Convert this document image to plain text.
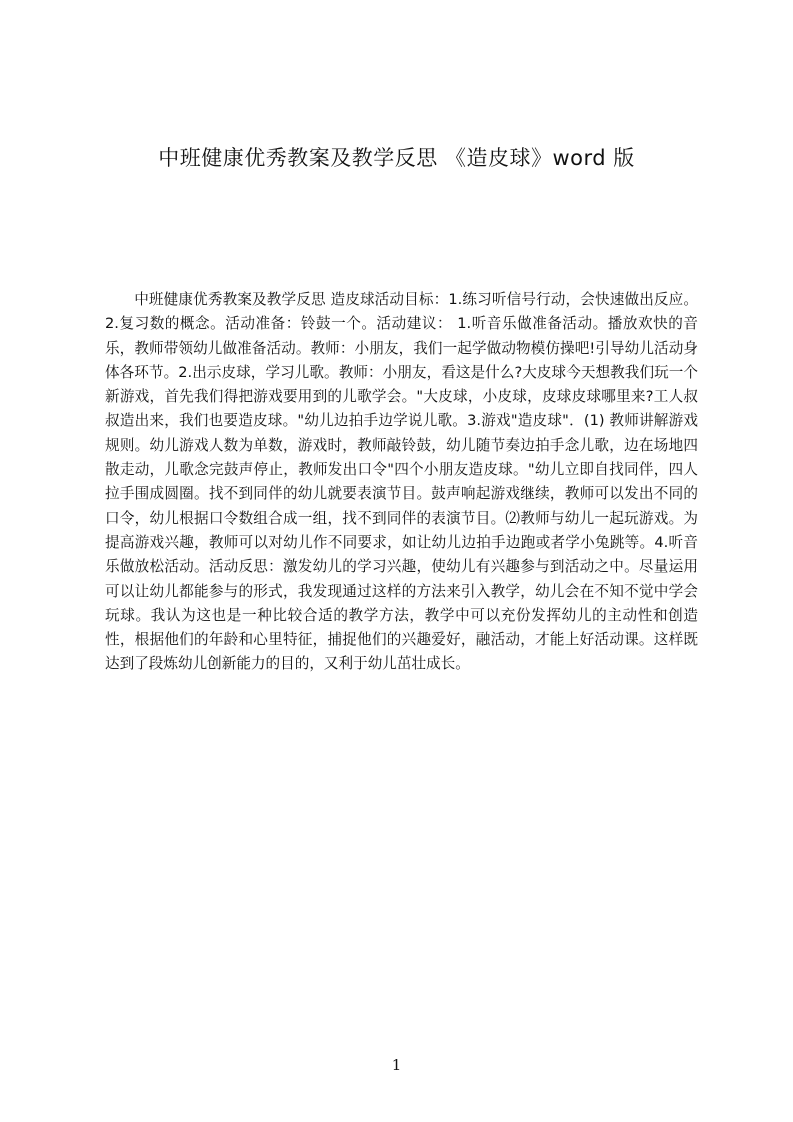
中班健康优秀教案及教学反思 《造皮球》word 版
中班健康优秀教案及教学反思 造皮球活动目标：1.练习听信号行动，会快速做出反应。2.复习数的概念。活动准备：铃鼓一个。活动建议： 1.听音乐做准备活动。播放欢快的音乐，教师带领幼儿做准备活动。教师：小朋友，我们一起学做动物模仿操吧!引导幼儿活动身体各环节。2.出示皮球，学习儿歌。教师：小朋友，看这是什么?大皮球今天想教我们玩一个新游戏，首先我们得把游戏要用到的儿歌学会。"大皮球，小皮球，皮球皮球哪里来?工人叔叔造出来，我们也要造皮球。"幼儿边拍手边学说儿歌。3.游戏"造皮球"．(1) 教师讲解游戏规则。幼儿游戏人数为单数，游戏时，教师敲铃鼓，幼儿随节奏边拍手念儿歌，边在场地四散走动，儿歌念完鼓声停止，教师发出口令"四个小朋友造皮球。"幼儿立即自找同伴，四人拉手围成圆圈。找不到同伴的幼儿就要表演节目。鼓声响起游戏继续，教师可以发出不同的口令，幼儿根据口令数组合成一组，找不到同伴的表演节目。⑵教师与幼儿一起玩游戏。为提高游戏兴趣，教师可以对幼儿作不同要求，如让幼儿边拍手边跑或者学小兔跳等。4.听音乐做放松活动。活动反思：激发幼儿的学习兴趣，使幼儿有兴趣参与到活动之中。尽量运用可以让幼儿都能参与的形式，我发现通过这样的方法来引入教学，幼儿会在不知不觉中学会玩球。我认为这也是一种比较合适的教学方法，教学中可以充份发挥幼儿的主动性和创造性，根据他们的年龄和心里特征，捕捉他们的兴趣爱好，融活动，才能上好活动课。这样既达到了段炼幼儿创新能力的目的，又利于幼儿茁壮成长。
1
